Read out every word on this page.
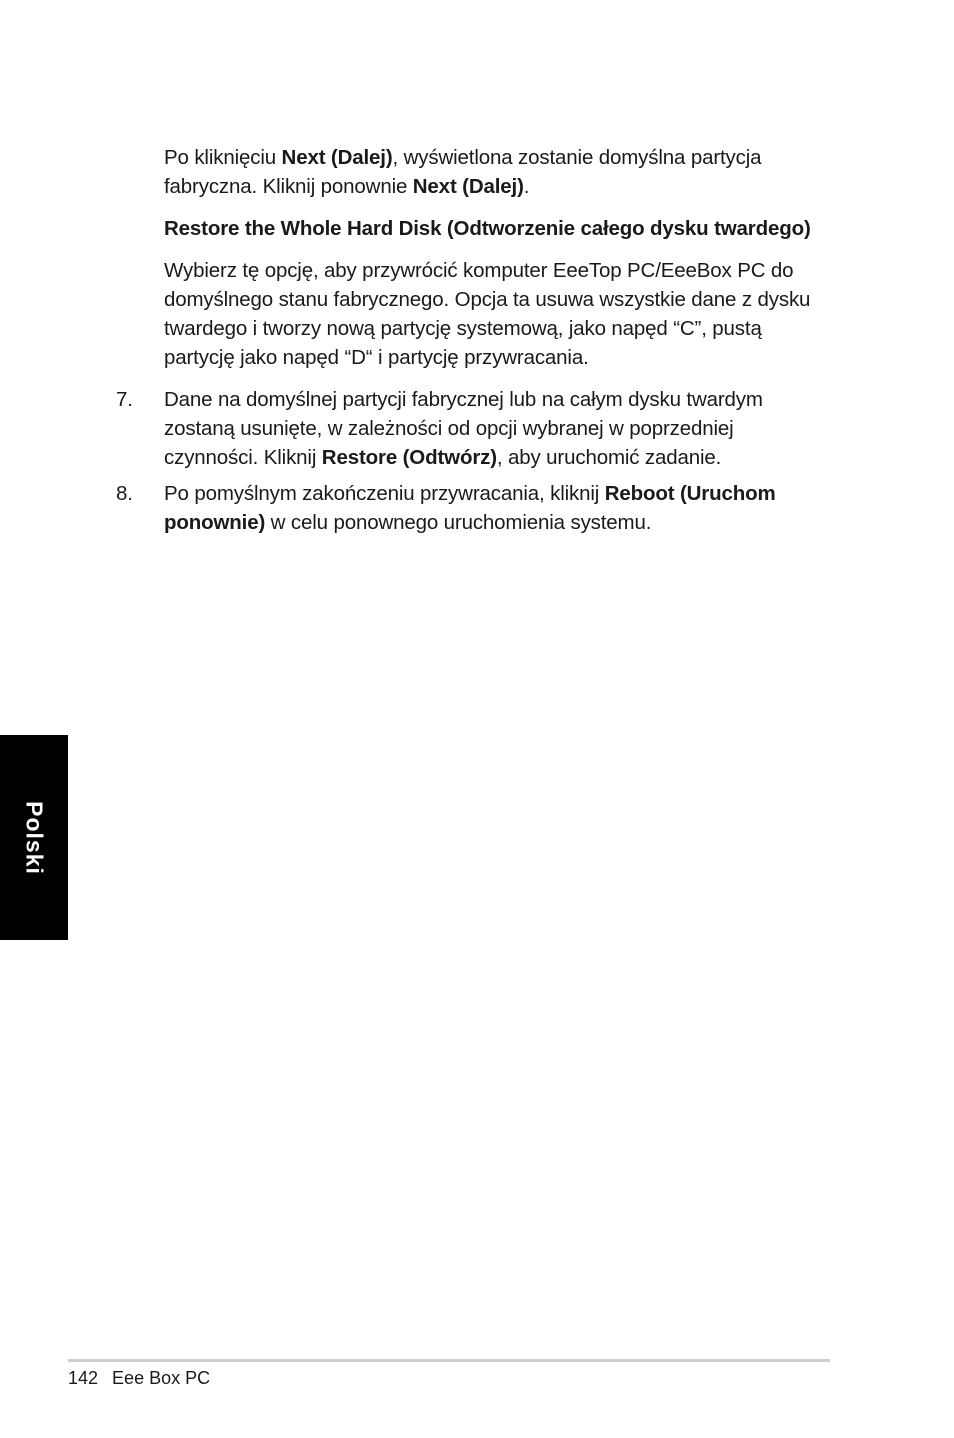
Po kliknięciu Next (Dalej), wyświetlona zostanie domyślna partycja fabryczna. Kliknij ponownie Next (Dalej).

Restore the Whole Hard Disk (Odtworzenie całego dysku twardego)

Wybierz tę opcję, aby przywrócić komputer EeeTop PC/EeeBox PC do domyślnego stanu fabrycznego. Opcja ta usuwa wszystkie dane z dysku twardego i tworzy nową partycję systemową, jako napęd “C”, pustą partycję jako napęd “D“ i partycję przywracania.

7. Dane na domyślnej partycji fabrycznej lub na całym dysku twardym zostaną usunięte, w zależności od opcji wybranej w poprzedniej czynności. Kliknij Restore (Odtwórz), aby uruchomić zadanie.
8. Po pomyślnym zakończeniu przywracania, kliknij Reboot (Uruchom ponownie) w celu ponownego uruchomienia systemu.
Polski
142 Eee Box PC
